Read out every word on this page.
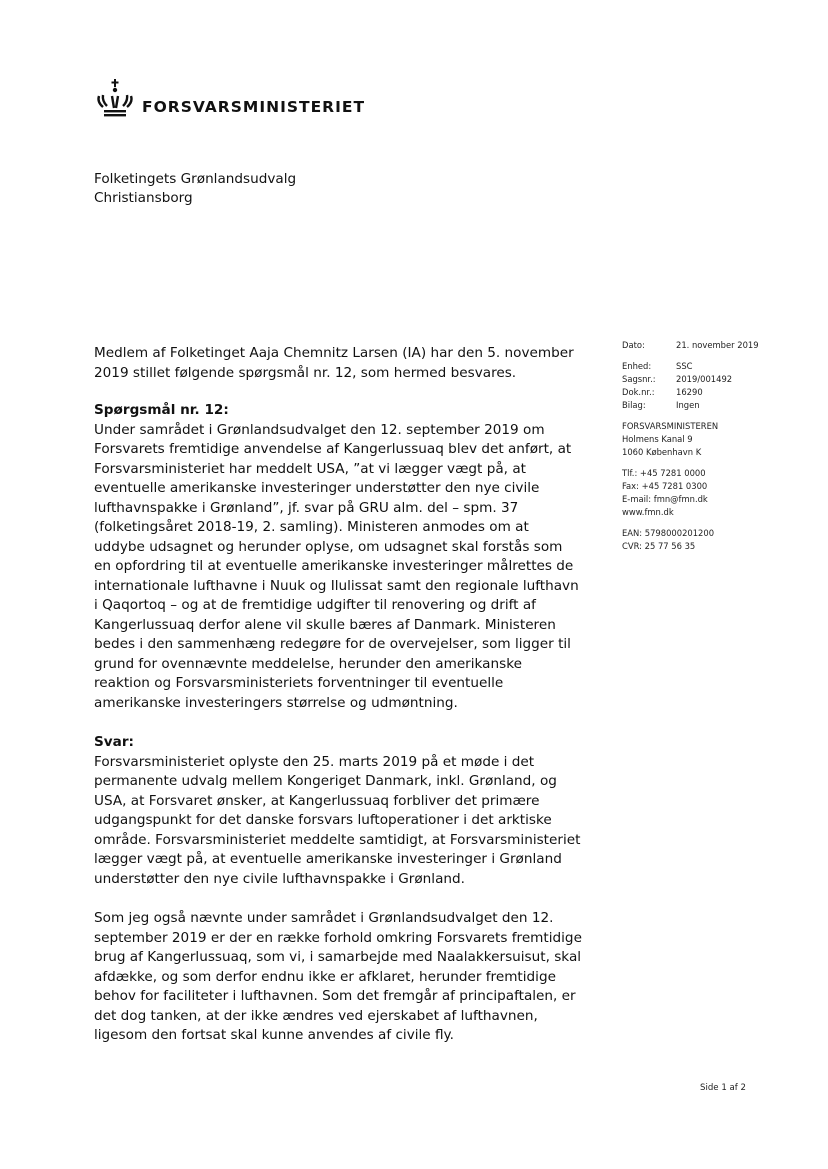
FORSVARSMINISTERIET
Folketingets Grønlandsudvalg
Christiansborg

Medlem af Folketinget Aaja Chemnitz Larsen (IA) har den 5. november 2019 stillet følgende spørgsmål nr. 12, som hermed besvares.

Spørgsmål nr. 12:

Under samrådet i Grønlandsudvalget den 12. september 2019 om Forsvarets fremtidige anvendelse af Kangerlussuaq blev det anført, at Forsvarsministeriet har meddelt USA, ”at vi lægger vægt på, at eventuelle amerikanske investeringer understøtter den nye civile lufthavnspakke i Grønland”, jf. svar på GRU alm. del – spm. 37 (folketingsåret 2018-19, 2. samling). Ministeren anmodes om at uddybe udsagnet og herunder oplyse, om udsagnet skal forstås som en opfordring til at eventuelle amerikanske investeringer målrettes de internationale lufthavne i Nuuk og Ilulissat samt den regionale lufthavn i Qaqortoq – og at de fremtidige udgifter til renovering og drift af Kangerlussuaq derfor alene vil skulle bæres af Danmark. Ministeren bedes i den sammenhæng redegøre for de overvejelser, som ligger til grund for ovennævnte meddelelse, herunder den amerikanske reaktion og Forsvarsministeriets forventninger til eventuelle amerikanske investeringers størrelse og udmøntning.

Svar:

Forsvarsministeriet oplyste den 25. marts 2019 på et møde i det permanente udvalg mellem Kongeriget Danmark, inkl. Grønland, og USA, at Forsvaret ønsker, at Kangerlussuaq forbliver det primære udgangspunkt for det danske forsvars luftoperationer i det arktiske område. Forsvarsministeriet meddelte samtidigt, at Forsvarsministeriet lægger vægt på, at eventuelle amerikanske investeringer i Grønland understøtter den nye civile lufthavnspakke i Grønland.

Som jeg også nævnte under samrådet i Grønlandsudvalget den 12. september 2019 er der en række forhold omkring Forsvarets fremtidige brug af Kangerlussuaq, som vi, i samarbejde med Naalakkersuisut, skal afdække, og som derfor endnu ikke er afklaret, herunder fremtidige behov for faciliteter i lufthavnen. Som det fremgår af principaftalen, er det dog tanken, at der ikke ændres ved ejerskabet af lufthavnen, ligesom den fortsat skal kunne anvendes af civile fly.

Dato:	21. november 2019
Enhed:	SSC
Sagsnr.:	2019/001492
Dok.nr.:	16290
Bilag:	Ingen
FORSVARSMINISTEREN
Holmens Kanal 9
1060 København K
Tlf.: +45 7281 0000
Fax: +45 7281 0300
E-mail: fmn@fmn.dk
www.fmn.dk
EAN: 5798000201200
CVR: 25 77 56 35
Side 1 af 2
